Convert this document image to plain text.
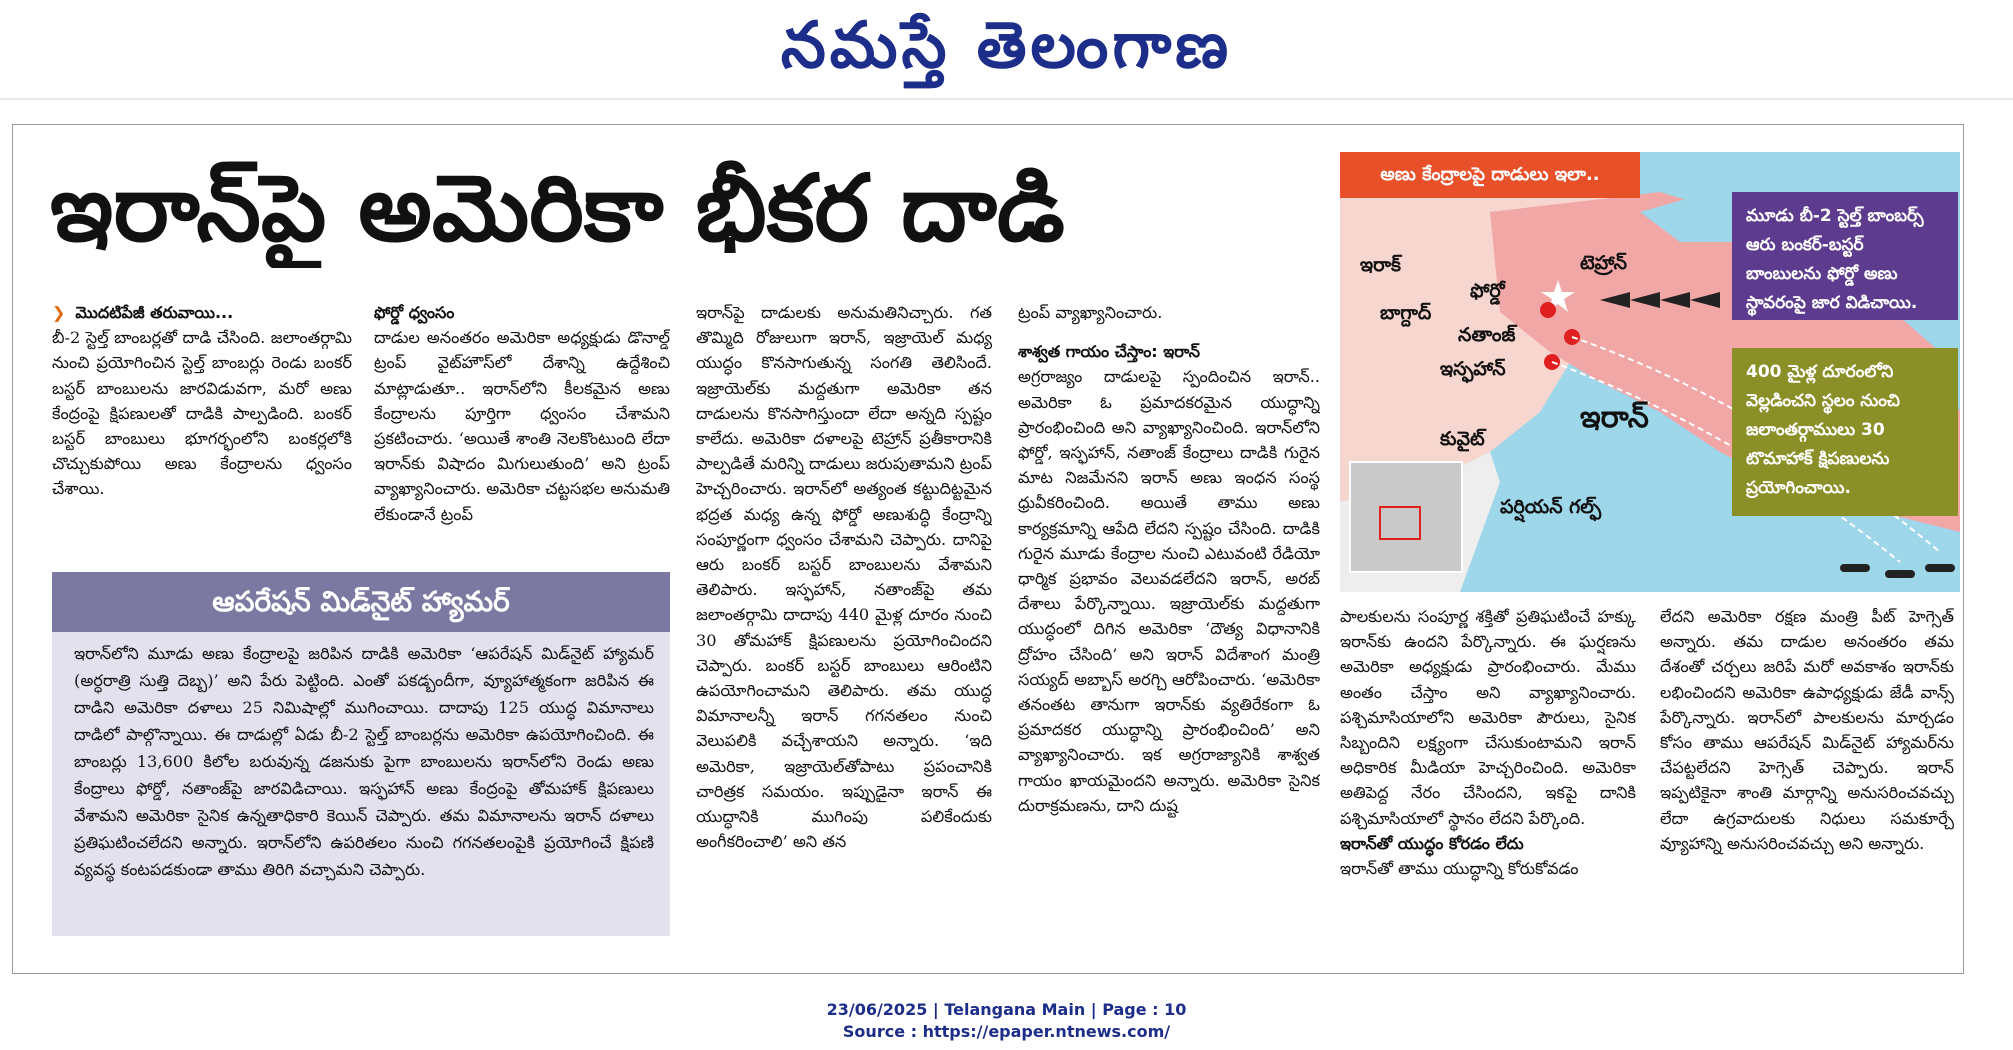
నమస్తే తెలంగాణ
ఇరాన్‌పై అమెరికా భీకర దాడి
❯ మొదటిపేజీ తరువాయి...
బీ-2 స్టెల్త్ బాంబర్లతో దాడి చేసింది. జలాంతర్గామి నుంచి ప్రయోగించిన స్టెల్త్ బాంబర్లు రెండు బంకర్ బస్టర్ బాంబులను జారవిడువగా, మరో అణు కేంద్రంపై క్షిపణులతో దాడికి పాల్పడింది. బంకర్ బస్టర్ బాంబులు భూగర్భంలోని బంకర్లలోకి చొచ్చుకుపోయి అణు కేంద్రాలను ధ్వంసం చేశాయి.
ఆపరేషన్ మిడ్‌నైట్ హ్యామర్
ఇరాన్‌లోని మూడు అణు కేంద్రాలపై జరిపిన దాడికి అమెరికా ‘ఆపరేషన్ మిడ్‌నైట్ హ్యామర్ (అర్ధరాత్రి సుత్తి దెబ్బ)’ అని పేరు పెట్టింది. ఎంతో పకడ్బందీగా, వ్యూహాత్మకంగా జరిపిన ఈ దాడిని అమెరికా దళాలు 25 నిమిషాల్లో ముగించాయి. దాదాపు 125 యుద్ధ విమానాలు దాడిలో పాల్గొన్నాయి. ఈ దాడుల్లో ఏడు బీ-2 స్టెల్త్ బాంబర్లను అమెరికా ఉపయోగించింది. ఈ బాంబర్లు 13,600 కిలోల బరువున్న డజనుకు పైగా బాంబులను ఇరాన్‌లోని రెండు అణు కేంద్రాలు ఫోర్డో, నతాంజ్‌పై జారవిడిచాయి. ఇస్ఫహాన్ అణు కేంద్రంపై తోమహాక్ క్షిపణులు వేశామని అమెరికా సైనిక ఉన్నతాధికారి కెయిన్ చెప్పారు. తమ విమానాలను ఇరాన్ దళాలు ప్రతిఘటించలేదని అన్నారు. ఇరాన్‌లోని ఉపరితలం నుంచి గగనతలంపైకి ప్రయోగించే క్షిపణి వ్యవస్థ కంటపడకుండా తాము తిరిగి వచ్చామని చెప్పారు.
ఫోర్డో ధ్వంసం
దాడుల అనంతరం అమెరికా అధ్యక్షుడు డొనాల్డ్ ట్రంప్ వైట్‌హౌస్‌లో దేశాన్ని ఉద్దేశించి మాట్లాడుతూ.. ఇరాన్‌లోని కీలకమైన అణు కేంద్రాలను పూర్తిగా ధ్వంసం చేశామని ప్రకటించారు. ‘అయితే శాంతి నెలకొంటుంది లేదా ఇరాన్‌కు విషాదం మిగులుతుంది’ అని ట్రంప్ వ్యాఖ్యానించారు. అమెరికా చట్టసభల అనుమతి లేకుండానే ట్రంప్
ఇరాన్‌పై దాడులకు అనుమతినిచ్చారు. గత తొమ్మిది రోజులుగా ఇరాన్, ఇజ్రాయెల్ మధ్య యుద్ధం కొనసాగుతున్న సంగతి తెలిసిందే. ఇజ్రాయెల్‌కు మద్దతుగా అమెరికా తన దాడులను కొనసాగిస్తుందా లేదా అన్నది స్పష్టం కాలేదు. అమెరికా దళాలపై టెహ్రాన్ ప్రతీకారానికి పాల్పడితే మరిన్ని దాడులు జరుపుతామని ట్రంప్ హెచ్చరించారు. ఇరాన్‌లో అత్యంత కట్టుదిట్టమైన భద్రత మధ్య ఉన్న ఫోర్డో అణుశుద్ధి కేంద్రాన్ని సంపూర్ణంగా ధ్వంసం చేశామని చెప్పారు. దానిపై ఆరు బంకర్ బస్టర్ బాంబులను వేశామని తెలిపారు. ఇస్ఫహాన్, నతాంజ్‌పై తమ జలాంతర్గామి దాదాపు 440 మైళ్ల దూరం నుంచి 30 తోమహాక్ క్షిపణులను ప్రయోగించిందని చెప్పారు. బంకర్ బస్టర్ బాంబులు ఆరింటిని ఉపయోగించామని తెలిపారు. తమ యుద్ధ విమానాలన్నీ ఇరాన్ గగనతలం నుంచి వెలుపలికి వచ్చేశాయని అన్నారు. ‘ఇది అమెరికా, ఇజ్రాయెల్‌తోపాటు ప్రపంచానికి చారిత్రక సమయం. ఇప్పుడైనా ఇరాన్ ఈ యుద్ధానికి ముగింపు పలికేందుకు అంగీకరించాలి’ అని తన
ట్రంప్ వ్యాఖ్యానించారు.
శాశ్వత గాయం చేస్తాం: ఇరాన్
అగ్రరాజ్యం దాడులపై స్పందించిన ఇరాన్.. అమెరికా ఓ ప్రమాదకరమైన యుద్ధాన్ని ప్రారంభించింది అని వ్యాఖ్యానించింది. ఇరాన్‌లోని ఫోర్డో, ఇస్ఫహాన్, నతాంజ్ కేంద్రాలు దాడికి గురైన మాట నిజమేనని ఇరాన్ అణు ఇంధన సంస్థ ధ్రువీకరించింది. అయితే తాము అణు కార్యక్రమాన్ని ఆపేది లేదని స్పష్టం చేసింది. దాడికి గురైన మూడు కేంద్రాల నుంచి ఎటువంటి రేడియో ధార్మిక ప్రభావం వెలువడలేదని ఇరాన్, అరబ్ దేశాలు పేర్కొన్నాయి. ఇజ్రాయెల్‌కు మద్దతుగా యుద్ధంలో దిగిన అమెరికా ‘దౌత్య విధానానికి ద్రోహం చేసింది’ అని ఇరాన్ విదేశాంగ మంత్రి సయ్యద్ అబ్బాస్ అరగ్చి ఆరోపించారు. ‘అమెరికా తనంతట తానుగా ఇరాన్‌కు వ్యతిరేకంగా ఓ ప్రమాదకర యుద్ధాన్ని ప్రారంభించింది’ అని వ్యాఖ్యానించారు. ఇక అగ్రరాజ్యానికి శాశ్వత గాయం ఖాయమైందని అన్నారు. అమెరికా సైనిక దురాక్రమణను, దాని దుష్ట
పాలకులను సంపూర్ణ శక్తితో ప్రతిఘటించే హక్కు ఇరాన్‌కు ఉందని పేర్కొన్నారు. ఈ ఘర్షణను అమెరికా అధ్యక్షుడు ప్రారంభించారు. మేము అంతం చేస్తాం అని వ్యాఖ్యానించారు. పశ్చిమాసియాలోని అమెరికా పౌరులు, సైనిక సిబ్బందిని లక్ష్యంగా చేసుకుంటామని ఇరాన్ అధికారిక మీడియా హెచ్చరించింది. అమెరికా అతిపెద్ద నేరం చేసిందని, ఇకపై దానికి పశ్చిమాసియాలో స్థానం లేదని పేర్కొంది.
ఇరాన్‌తో యుద్ధం కోరడం లేదు
ఇరాన్‌తో తాము యుద్ధాన్ని కోరుకోవడం
లేదని అమెరికా రక్షణ మంత్రి పీట్ హెగ్సెత్ అన్నారు. తమ దాడుల అనంతరం తమ దేశంతో చర్చలు జరిపే మరో అవకాశం ఇరాన్‌కు లభించిందని అమెరికా ఉపాధ్యక్షుడు జేడీ వాన్స్ పేర్కొన్నారు. ఇరాన్‌లో పాలకులను మార్చడం కోసం తాము ఆపరేషన్ మిడ్‌నైట్ హ్యామర్‌ను చేపట్టలేదని హెగ్సెత్ చెప్పారు. ఇరాన్ ఇప్పటికైనా శాంతి మార్గాన్ని అనుసరించవచ్చు లేదా ఉగ్రవాదులకు నిధులు సమకూర్చే వ్యూహాన్ని అనుసరించవచ్చు అని అన్నారు.
అణు కేంద్రాలపై దాడులు ఇలా..
ఇరాక్
బాగ్దాద్
టెహ్రాన్
ఫోర్డో
నతాంజ్
ఇస్ఫహాన్
ఇరాన్
కువైట్
పర్షియన్ గల్ఫ్
మూడు బీ-2 స్టెల్త్ బాంబర్స్ ఆరు బంకర్-బస్టర్ బాంబులను ఫోర్డో అణు స్థావరంపై జార విడిచాయి.
400 మైళ్ల దూరంలోని వెల్లడించని స్థలం నుంచి జలాంతర్గాములు 30 టొమాహాక్ క్షిపణులను ప్రయోగించాయి.
23/06/2025 | Telangana Main | Page : 10
Source : https://epaper.ntnews.com/
